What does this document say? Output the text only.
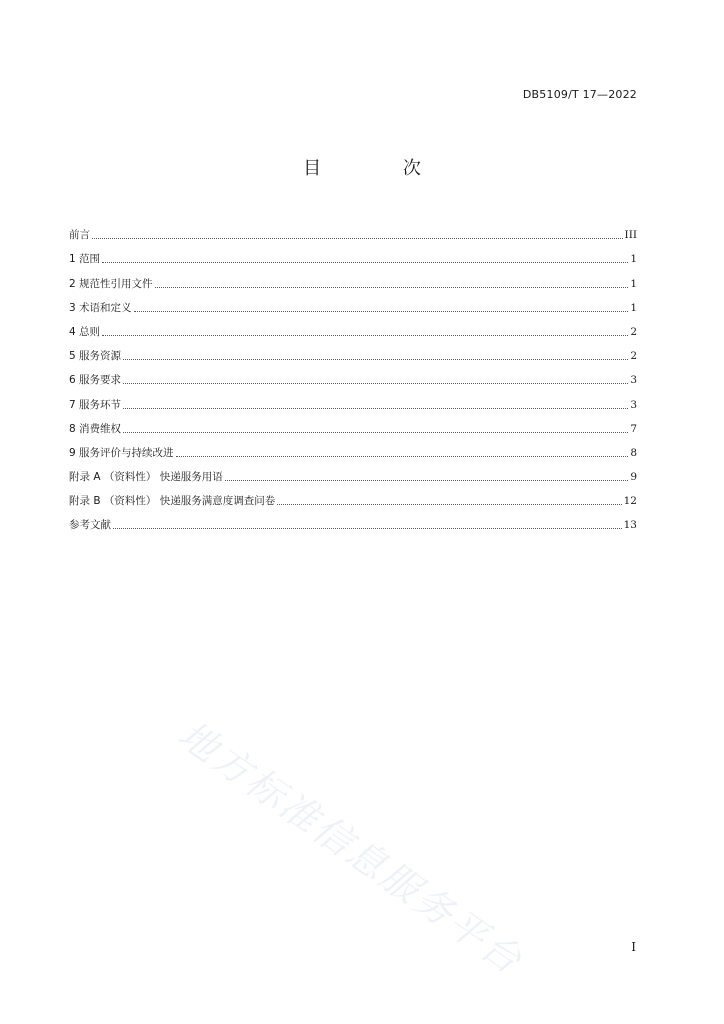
DB5109/T 17—2022
目 次
前言	III
1 范围	1
2 规范性引用文件	1
3 术语和定义	1
4 总则	2
5 服务资源	2
6 服务要求	3
7 服务环节	3
8 消费维权	7
9 服务评价与持续改进	8
附录 A （资料性） 快递服务用语	9
附录 B （资料性） 快递服务满意度调查问卷	12
参考文献	13
地方标准信息服务平台	I
